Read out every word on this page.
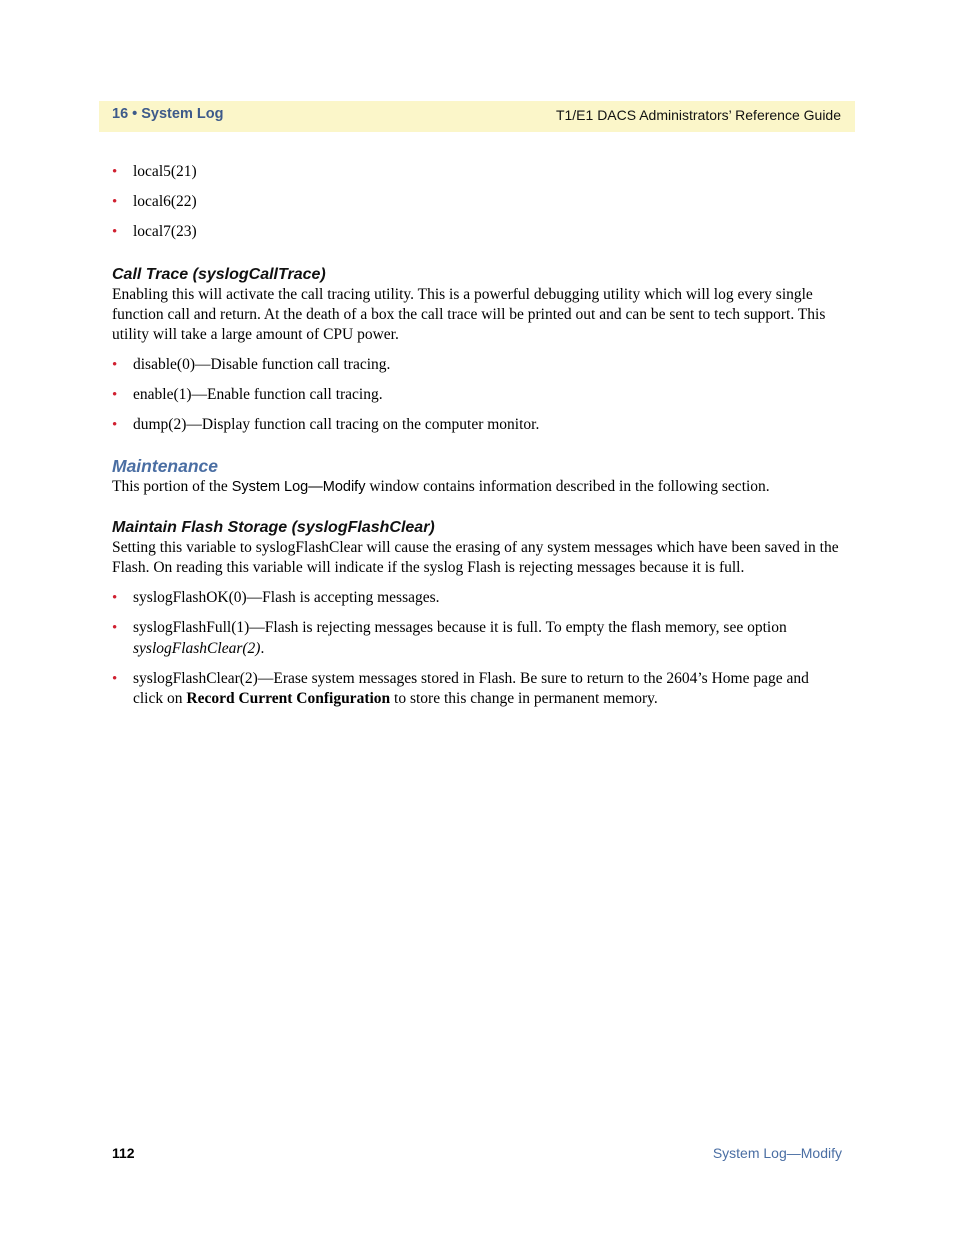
16 • System Log	T1/E1 DACS Administrators’ Reference Guide
• local5(21)
• local6(22)
• local7(23)
Call Trace (syslogCallTrace)

Enabling this will activate the call tracing utility. This is a powerful debugging utility which will log every single function call and return. At the death of a box the call trace will be printed out and can be sent to tech support. This utility will take a large amount of CPU power.

• disable(0)—Disable function call tracing.
• enable(1)—Enable function call tracing.
• dump(2)—Display function call tracing on the computer monitor.
Maintenance

This portion of the System Log—Modify window contains information described in the following section.

Maintain Flash Storage (syslogFlashClear)

Setting this variable to syslogFlashClear will cause the erasing of any system messages which have been saved in the Flash. On reading this variable will indicate if the syslog Flash is rejecting messages because it is full.

• syslogFlashOK(0)—Flash is accepting messages.
• syslogFlashFull(1)—Flash is rejecting messages because it is full. To empty the flash memory, see option syslogFlashClear(2).
• syslogFlashClear(2)—Erase system messages stored in Flash. Be sure to return to the 2604’s Home page and click on Record Current Configuration to store this change in permanent memory.
112	System Log—Modify
